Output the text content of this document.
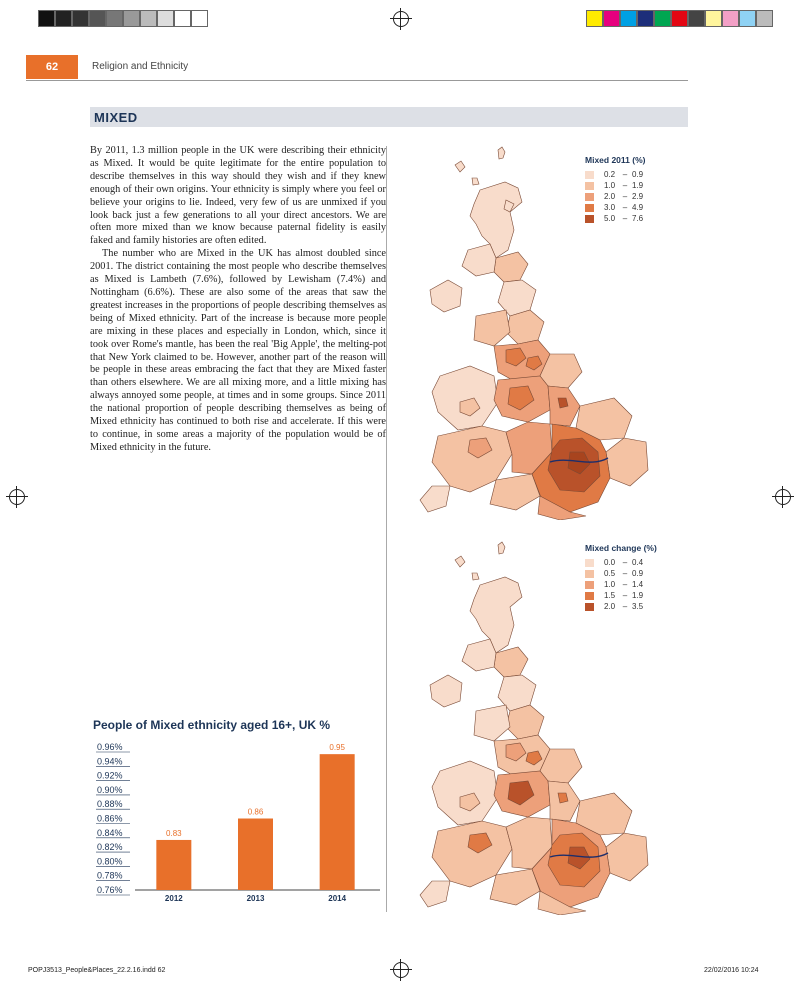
62	Religion and Ethnicity
MIXED

By 2011, 1.3 million people in the UK were describing their ethnicity as Mixed. It would be quite legitimate for the entire population to describe themselves in this way should they wish and if they knew enough of their own origins. Your ethnicity is simply where you feel or believe your origins to lie. Indeed, very few of us are unmixed if you look back just a few generations to all your direct ancestors. We are often more mixed than we know because paternal fidelity is easily faked and family histories are often edited.

The number who are Mixed in the UK has almost doubled since 2001. The district containing the most people who describe themselves as Mixed is Lambeth (7.6%), followed by Lewisham (7.4%) and Nottingham (6.6%). These are also some of the areas that saw the greatest increases in the proportions of people describing themselves as being of Mixed ethnicity. Part of the increase is because more people are mixing in these places and especially in London, which, since it took over Rome's mantle, has been the real 'Big Apple', the melting-pot that New York claimed to be. However, another part of the reason will be people in these areas embracing the fact that they are Mixed faster than others elsewhere. We are all mixing more, and a little mixing has always annoyed some people, at times and in some groups. Since 2011 the national proportion of people describing themselves as being of Mixed ethnicity has continued to both rise and accelerate. If this were to continue, in some areas a majority of the population would be of Mixed ethnicity in the future.

Mixed 2011 (%)
0.2 – 0.9
1.0 – 1.9
2.0 – 2.9
3.0 – 4.9
5.0 – 7.6
Mixed change (%)
0.0 – 0.4
0.5 – 0.9
1.0 – 1.4
1.5 – 1.9
2.0 – 3.5
People of Mixed ethnicity aged 16+, UK %
0.76%
0.78%
0.80%
0.82%
0.84%
0.86%
0.88%
0.90%
0.92%
0.94%
0.96%
0.83
2012
0.86
2013
0.95
2014
POPJ3513_People&Places_22.2.16.indd 62	22/02/2016 10:24
